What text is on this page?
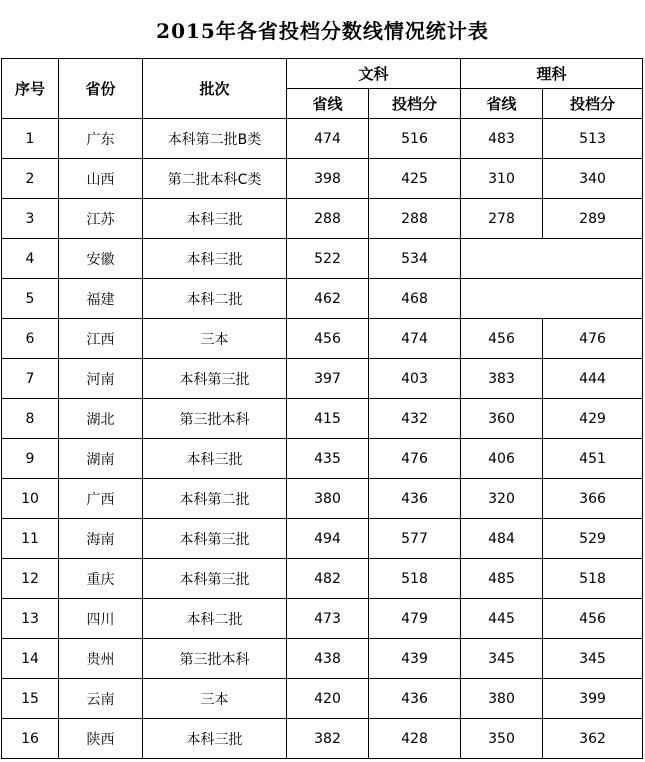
2015年各省投档分数线情况统计表
序号	省份	批次	文科		理科	
			省线	投档分	省线	投档分
1	广东	本科第二批B类	474	516	483	513
2	山西	第二批本科C类	398	425	310	340
3	江苏	本科三批	288	288	278	289
4	安徽	本科三批	522	534		
5	福建	本科二批	462	468		
6	江西	三本	456	474	456	476
7	河南	本科第三批	397	403	383	444
8	湖北	第三批本科	415	432	360	429
9	湖南	本科三批	435	476	406	451
10	广西	本科第二批	380	436	320	366
11	海南	本科第三批	494	577	484	529
12	重庆	本科第三批	482	518	485	518
13	四川	本科二批	473	479	445	456
14	贵州	第三批本科	438	439	345	345
15	云南	三本	420	436	380	399
16	陕西	本科三批	382	428	350	362
